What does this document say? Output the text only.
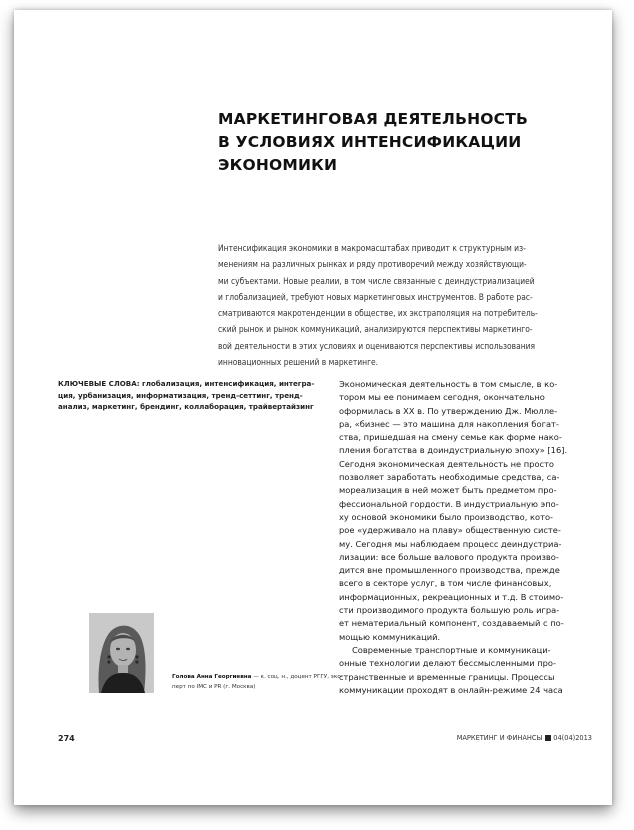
МАРКЕТИНГОВАЯ ДЕЯТЕЛЬНОСТЬ
В УСЛОВИЯХ ИНТЕНСИФИКАЦИИ
ЭКОНОМИКИ
Интенсификация экономики в макромасштабах приводит к структурным из-
менениям на различных рынках и ряду противоречий между хозяйствующи-
ми субъектами. Новые реалии, в том числе связанные с деиндустриализацией
и глобализацией, требуют новых маркетинговых инструментов. В работе рас-
сматриваются макротенденции в обществе, их экстраполяция на потребитель-
ский рынок и рынок коммуникаций, анализируются перспективы маркетинго-
вой деятельности в этих условиях и оцениваются перспективы использования
инновационных решений в маркетинге.
КЛЮЧЕВЫЕ СЛОВА: глобализация, интенсификация, интегра-
ция, урбанизация, информатизация, тренд-сеттинг, тренд-
анализ, маркетинг, брендинг, коллаборация, трайвертайзинг
Экономическая деятельность в том смысле, в ко-
тором мы ее понимаем сегодня, окончательно
оформилась в XX в. По утверждению Дж. Мюлле-
ра, «бизнес — это машина для накопления богат-
ства, пришедшая на смену семье как форме нако-
пления богатства в доиндустриальную эпоху» [16].
Сегодня экономическая деятельность не просто
позволяет заработать необходимые средства, са-
мореализация в ней может быть предметом про-
фессиональной гордости. В индустриальную эпо-
ху основой экономики было производство, кото-
рое «удерживало на плаву» общественную систе-
му. Сегодня мы наблюдаем процесс деиндустриа-
лизации: все больше валового продукта произво-
дится вне промышленного производства, прежде
всего в секторе услуг, в том числе финансовых,
информационных, рекреационных и т.д. В стоимо-
сти производимого продукта большую роль игра-
ет нематериальный компонент, создаваемый с по-
мощью коммуникаций.
Современные транспортные и коммуникаци-
онные технологии делают бессмысленными про-
странственные и временные границы. Процессы
коммуникации проходят в онлайн-режиме 24 часа
Голова Анна Георгиевна — к. соц. н., доцент РГГУ, экс-
перт по IMC и PR (г. Москва)
274	МАРКЕТИНГ И ФИНАНСЫ 04(04)2013
